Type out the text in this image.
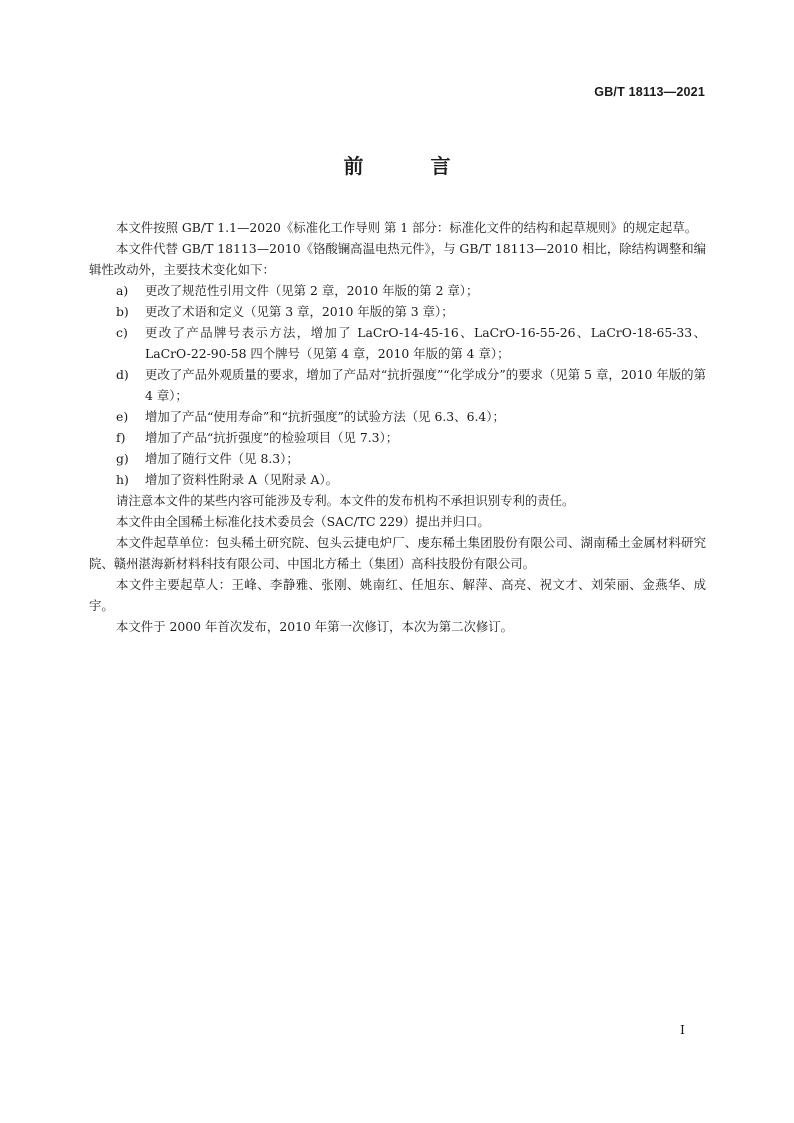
GB/T 18113—2021
前 言

本文件按照 GB/T 1.1—2020《标准化工作导则 第 1 部分：标准化文件的结构和起草规则》的规定起草。

本文件代替 GB/T 18113—2010《铬酸镧高温电热元件》，与 GB/T 18113—2010 相比，除结构调整和编辑性改动外，主要技术变化如下：

a) 更改了规范性引用文件（见第 2 章，2010 年版的第 2 章）；

b) 更改了术语和定义（见第 3 章，2010 年版的第 3 章）；

c) 更改了产品牌号表示方法，增加了 LaCrO-14-45-16、LaCrO-16-55-26、LaCrO-18-65-33、LaCrO-22-90-58 四个牌号（见第 4 章，2010 年版的第 4 章）；

d) 更改了产品外观质量的要求，增加了产品对“抗折强度”“化学成分”的要求（见第 5 章，2010 年版的第 4 章）；

e) 增加了产品“使用寿命”和“抗折强度”的试验方法（见 6.3、6.4）；

f) 增加了产品“抗折强度”的检验项目（见 7.3）；

g) 增加了随行文件（见 8.3）；

h) 增加了资料性附录 A（见附录 A）。

请注意本文件的某些内容可能涉及专利。本文件的发布机构不承担识别专利的责任。

本文件由全国稀土标准化技术委员会（SAC/TC 229）提出并归口。

本文件起草单位：包头稀土研究院、包头云捷电炉厂、虔东稀土集团股份有限公司、湖南稀土金属材料研究院、赣州湛海新材料科技有限公司、中国北方稀土（集团）高科技股份有限公司。

本文件主要起草人：王峰、李静雅、张刚、姚南红、任旭东、解萍、高亮、祝文才、刘荣丽、金燕华、成宇。

本文件于 2000 年首次发布，2010 年第一次修订，本次为第二次修订。

I
